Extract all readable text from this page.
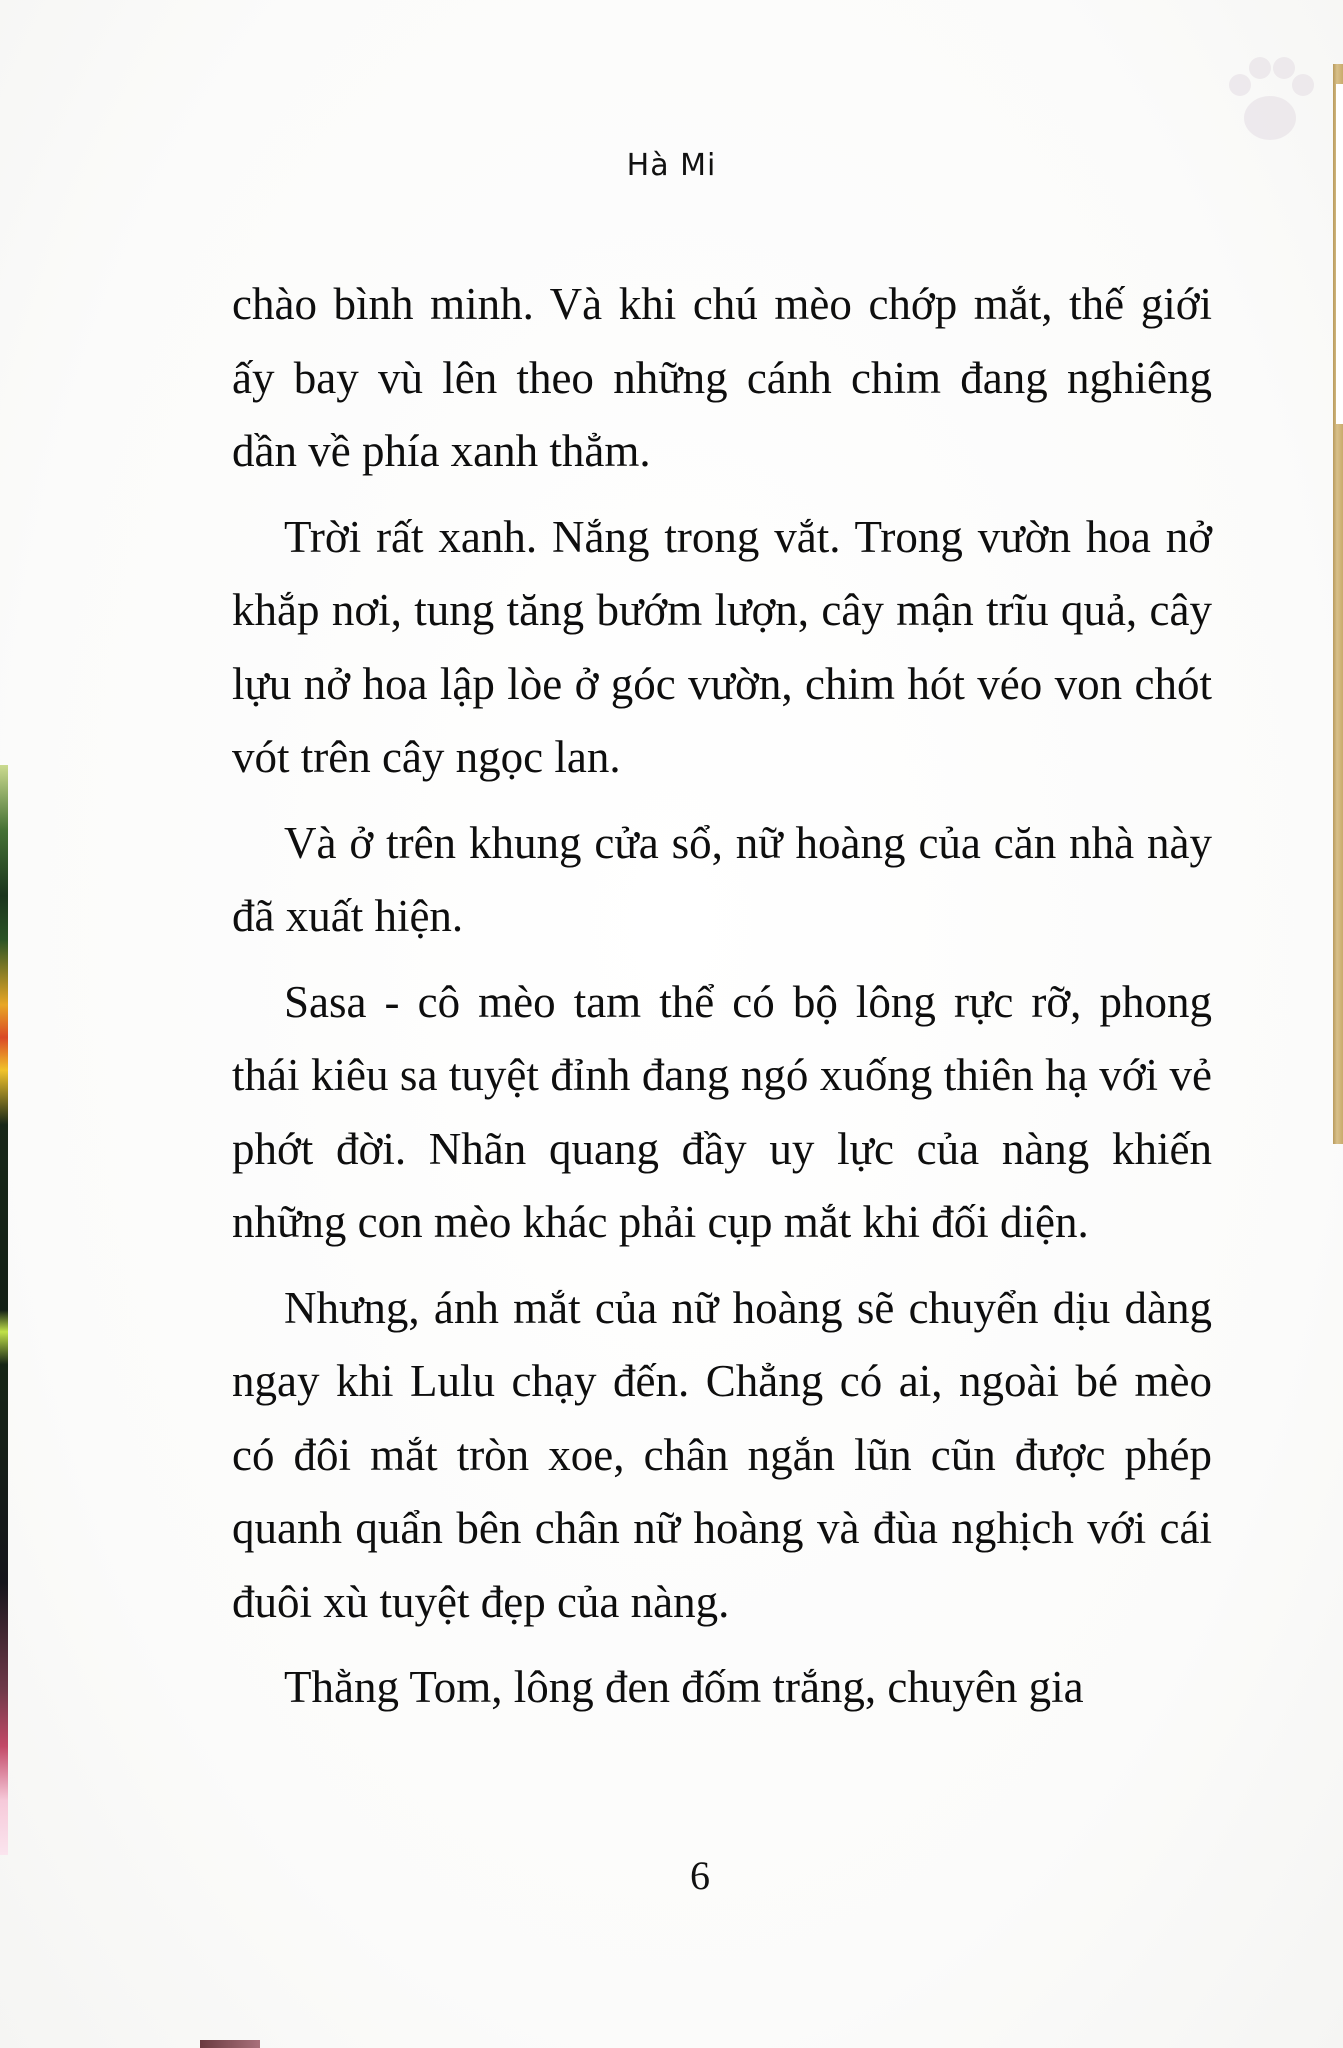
Hà Mi

chào bình minh. Và khi chú mèo chớp mắt, thế giới ấy bay vù lên theo những cánh chim đang nghiêng dần về phía xanh thẳm.

Trời rất xanh. Nắng trong vắt. Trong vườn hoa nở khắp nơi, tung tăng bướm lượn, cây mận trĩu quả, cây lựu nở hoa lập lòe ở góc vườn, chim hót véo von chót vót trên cây ngọc lan.

Và ở trên khung cửa sổ, nữ hoàng của căn nhà này đã xuất hiện.

Sasa - cô mèo tam thể có bộ lông rực rỡ, phong thái kiêu sa tuyệt đỉnh đang ngó xuống thiên hạ với vẻ phớt đời. Nhãn quang đầy uy lực của nàng khiến những con mèo khác phải cụp mắt khi đối diện.

Nhưng, ánh mắt của nữ hoàng sẽ chuyển dịu dàng ngay khi Lulu chạy đến. Chẳng có ai, ngoài bé mèo có đôi mắt tròn xoe, chân ngắn lũn cũn được phép quanh quẩn bên chân nữ hoàng và đùa nghịch với cái đuôi xù tuyệt đẹp của nàng.

Thằng Tom, lông đen đốm trắng, chuyên gia

6
